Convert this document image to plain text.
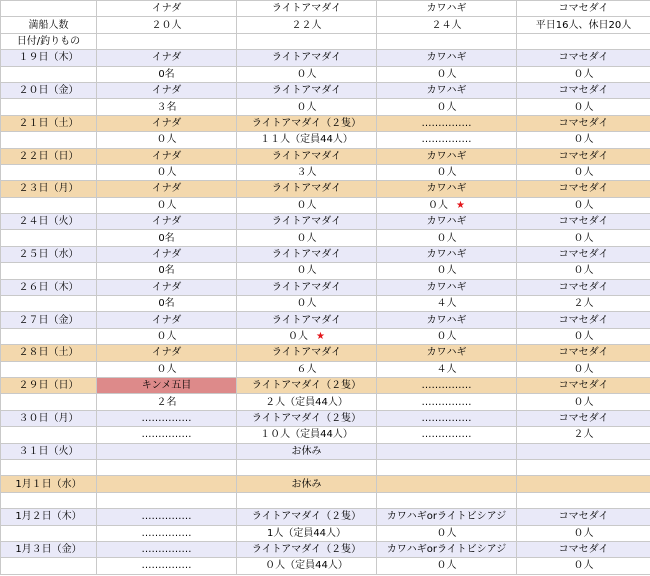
	イナダ	ライトアマダイ	カワハギ	コマセダイ
満船人数	２０人	２２人	２４人	平日16人、休日20人
日付/釣りもの				
１９日（木）	イナダ	ライトアマダイ	カワハギ	コマセダイ
	0名	０人	０人	０人
２０日（金）	イナダ	ライトアマダイ	カワハギ	コマセダイ
	３名	０人	０人	０人
２１日（土）	イナダ	ライトアマダイ（２隻）	……………	コマセダイ
	０人	１１人（定員44人）	……………	０人
２２日（日）	イナダ	ライトアマダイ	カワハギ	コマセダイ
	０人	３人	０人	０人
２３日（月）	イナダ	ライトアマダイ	カワハギ	コマセダイ
	０人	０人	０人 ★	０人
２４日（火）	イナダ	ライトアマダイ	カワハギ	コマセダイ
	0名	０人	０人	０人
２５日（水）	イナダ	ライトアマダイ	カワハギ	コマセダイ
	0名	０人	０人	０人
２６日（木）	イナダ	ライトアマダイ	カワハギ	コマセダイ
	0名	０人	４人	２人
２７日（金）	イナダ	ライトアマダイ	カワハギ	コマセダイ
	０人	０人 ★	０人	０人
２８日（土）	イナダ	ライトアマダイ	カワハギ	コマセダイ
	０人	６人	４人	０人
２９日（日）	キンメ五目	ライトアマダイ（２隻）	……………	コマセダイ
	２名	２人（定員44人）	……………	０人
３０日（月）	……………	ライトアマダイ（２隻）	……………	コマセダイ
	……………	１０人（定員44人）	……………	２人
３１日（火）		お休み		

1月１日（水）		お休み		

1月２日（木）	……………	ライトアマダイ（２隻）	カワハギorライトビシアジ	コマセダイ
	……………	1人（定員44人）	０人	０人
1月３日（金）	……………	ライトアマダイ（２隻）	カワハギorライトビシアジ	コマセダイ
	……………	０人（定員44人）	０人	０人
